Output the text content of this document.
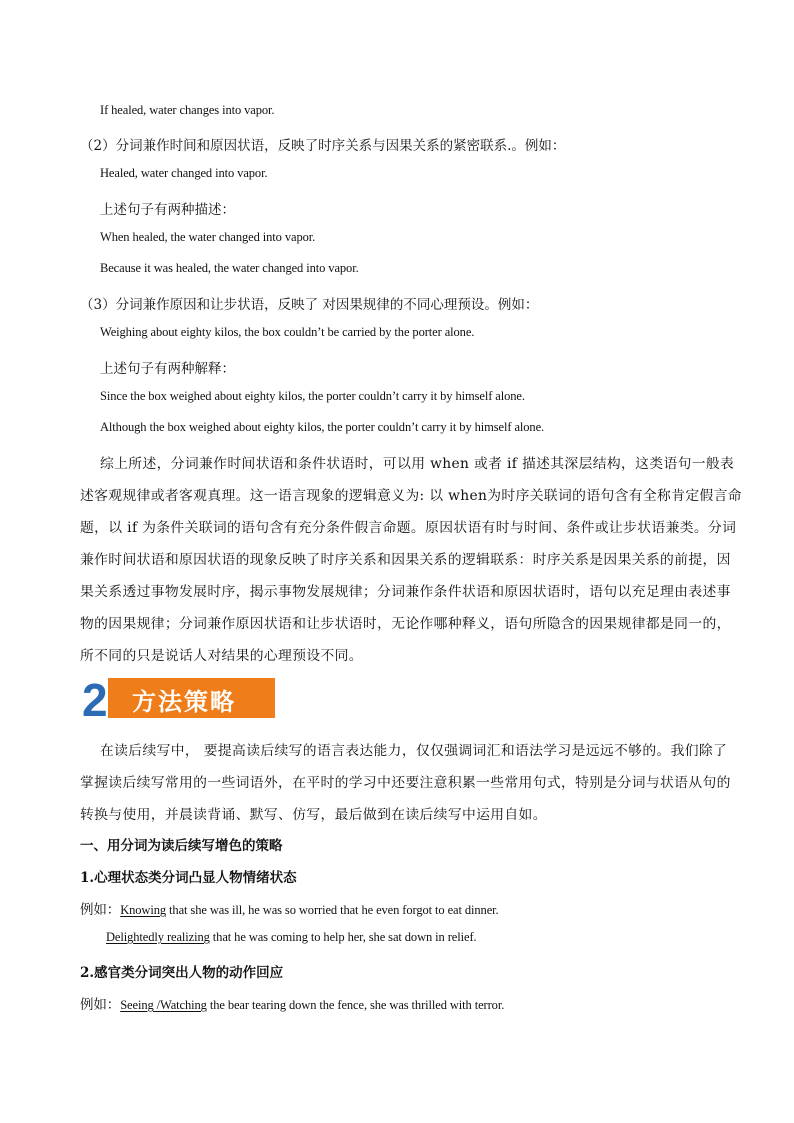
If healed, water changes into vapor.

（2）分词兼作时间和原因状语，反映了时序关系与因果关系的紧密联系.。例如：

Healed, water changed into vapor.

上述句子有两种描述：

When healed, the water changed into vapor.

Because it was healed, the water changed into vapor.

（3）分词兼作原因和让步状语，反映了 对因果规律的不同心理预设。例如：

Weighing about eighty kilos, the box couldn’t be carried by the porter alone.

上述句子有两种解释：

Since the box weighed about eighty kilos, the porter couldn’t carry it by himself alone.

Although the box weighed about eighty kilos, the porter couldn’t carry it by himself alone.

综上所述，分词兼作时间状语和条件状语时，可以用 when 或者 if 描述其深层结构，这类语句一般表

述客观规律或者客观真理。这一语言现象的逻辑意义为: 以 when为时序关联词的语句含有全称肯定假言命

题，以 if 为条件关联词的语句含有充分条件假言命题。原因状语有时与时间、条件或让步状语兼类。分词

兼作时间状语和原因状语的现象反映了时序关系和因果关系的逻辑联系：时序关系是因果关系的前提，因

果关系透过事物发展时序，揭示事物发展规律；分词兼作条件状语和原因状语时，语句以充足理由表述事

物的因果规律；分词兼作原因状语和让步状语时，无论作哪种释义，语句所隐含的因果规律都是同一的，

所不同的只是说话人对结果的心理预设不同。

方法策略
2

在读后续写中， 要提高读后续写的语言表达能力，仅仅强调词汇和语法学习是远远不够的。我们除了

掌握读后续写常用的一些词语外，在平时的学习中还要注意积累一些常用句式，特别是分词与状语从句的

转换与使用，并晨读背诵、默写、仿写，最后做到在读后续写中运用自如。

一、用分词为读后续写增色的策略

1.心理状态类分词凸显人物情绪状态

例如：Knowing that she was ill, he was so worried that he even forgot to eat dinner.

Delightedly realizing that he was coming to help her, she sat down in relief.

2.感官类分词突出人物的动作回应

例如：Seeing /Watching the bear tearing down the fence, she was thrilled with terror.
